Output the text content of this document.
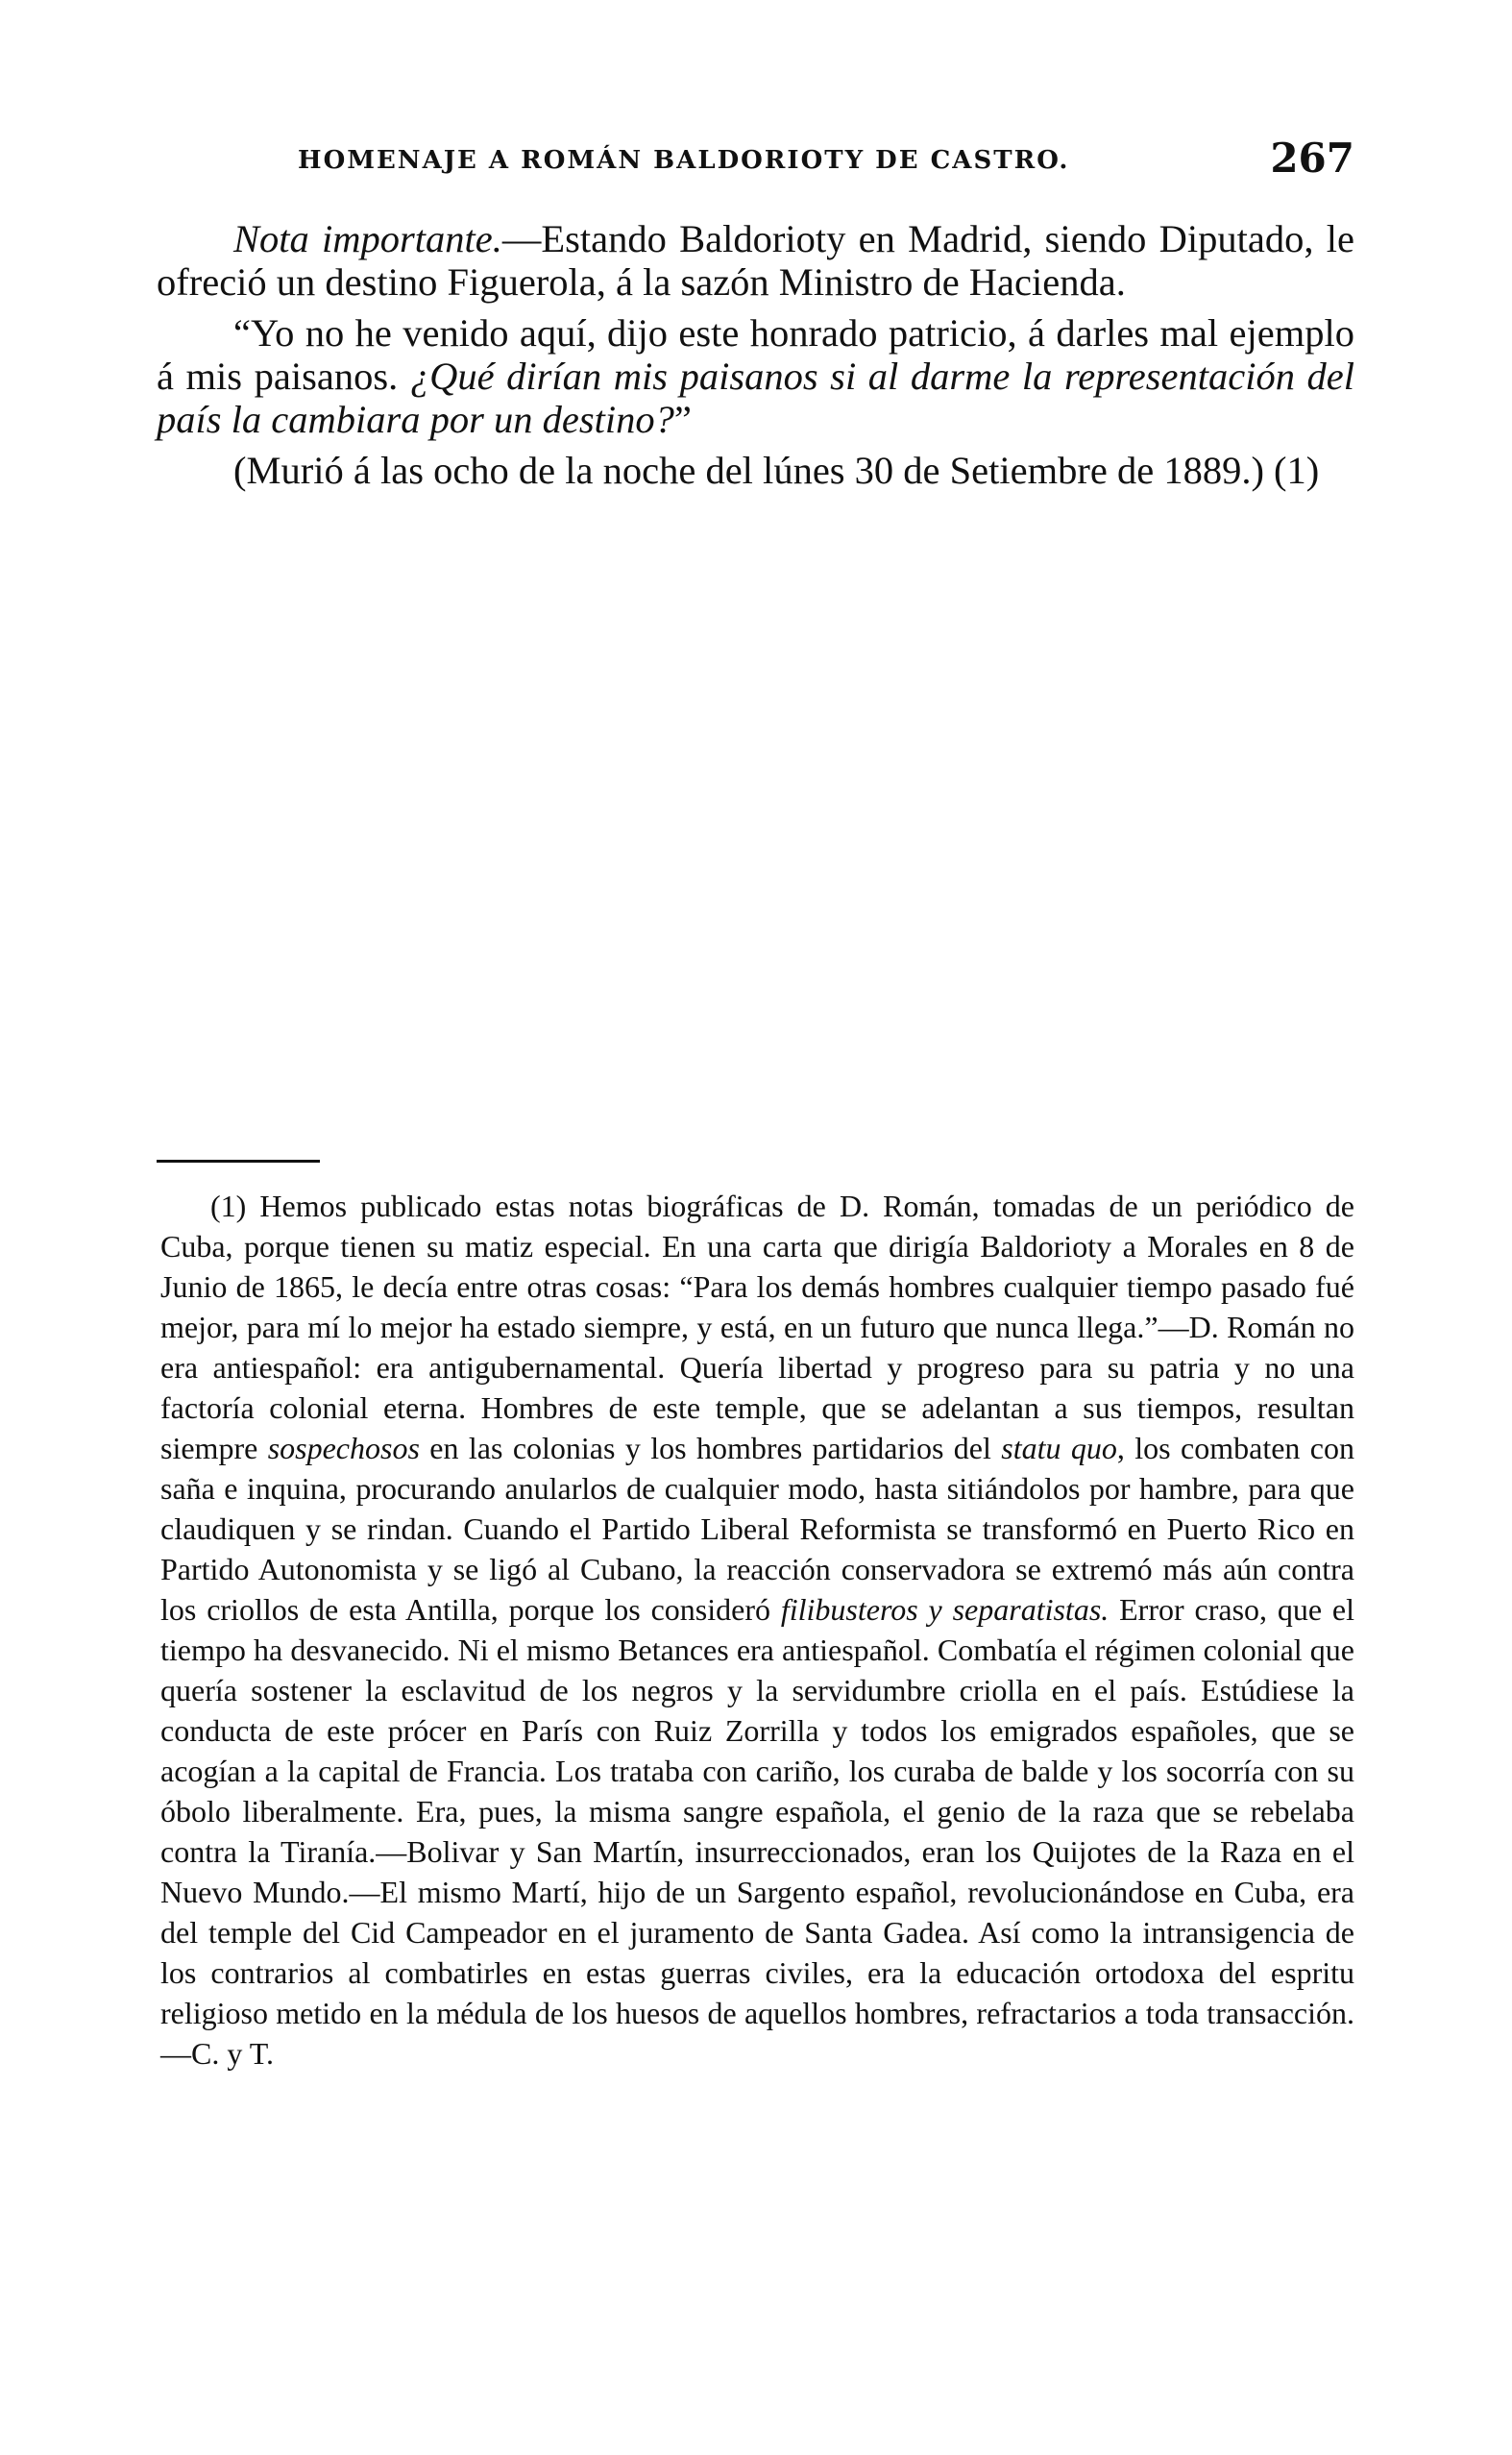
HOMENAJE A ROMÁN BALDORIOTY DE CASTRO.	267

Nota importante.—Estando Baldorioty en Madrid, siendo Diputado, le ofreció un destino Figuerola, á la sazón Ministro de Hacienda.

“Yo no he venido aquí, dijo este honrado patricio, á darles mal ejemplo á mis paisanos. ¿Qué dirían mis paisanos si al darme la representación del país la cambiara por un destino?”

(Murió á las ocho de la noche del lúnes 30 de Setiembre de 1889.) (1)

(1) Hemos publicado estas notas biográficas de D. Román, tomadas de un periódico de Cuba, porque tienen su matiz especial. En una carta que dirigía Baldorioty a Morales en 8 de Junio de 1865, le decía entre otras cosas: “Para los demás hombres cualquier tiempo pasado fué mejor, para mí lo mejor ha estado siempre, y está, en un futuro que nunca llega.”—D. Román no era antiespañol: era antigubernamental. Quería libertad y progreso para su patria y no una factoría colonial eterna. Hombres de este temple, que se adelantan a sus tiempos, resultan siempre sospechosos en las colonias y los hombres partidarios del statu quo, los combaten con saña e inquina, procurando anularlos de cualquier modo, hasta sitiándolos por hambre, para que claudiquen y se rindan. Cuando el Partido Liberal Reformista se transformó en Puerto Rico en Partido Autonomista y se ligó al Cubano, la reacción conservadora se extremó más aún contra los criollos de esta Antilla, porque los consideró filibusteros y separatistas. Error craso, que el tiempo ha desvanecido. Ni el mismo Betances era antiespañol. Combatía el régimen colonial que quería sostener la esclavitud de los negros y la servidumbre criolla en el país. Estúdiese la conducta de este prócer en París con Ruiz Zorrilla y todos los emigrados españoles, que se acogían a la capital de Francia. Los trataba con cariño, los curaba de balde y los socorría con su óbolo liberalmente. Era, pues, la misma sangre española, el genio de la raza que se rebelaba contra la Tiranía.—Bolivar y San Martín, insurreccionados, eran los Quijotes de la Raza en el Nuevo Mundo.—El mismo Martí, hijo de un Sargento español, revolucionándose en Cuba, era del temple del Cid Campeador en el juramento de Santa Gadea. Así como la intransigencia de los contrarios al combatirles en estas guerras civiles, era la educación ortodoxa del espritu religioso metido en la médula de los huesos de aquellos hombres, refractarios a toda transacción.—C. y T.
